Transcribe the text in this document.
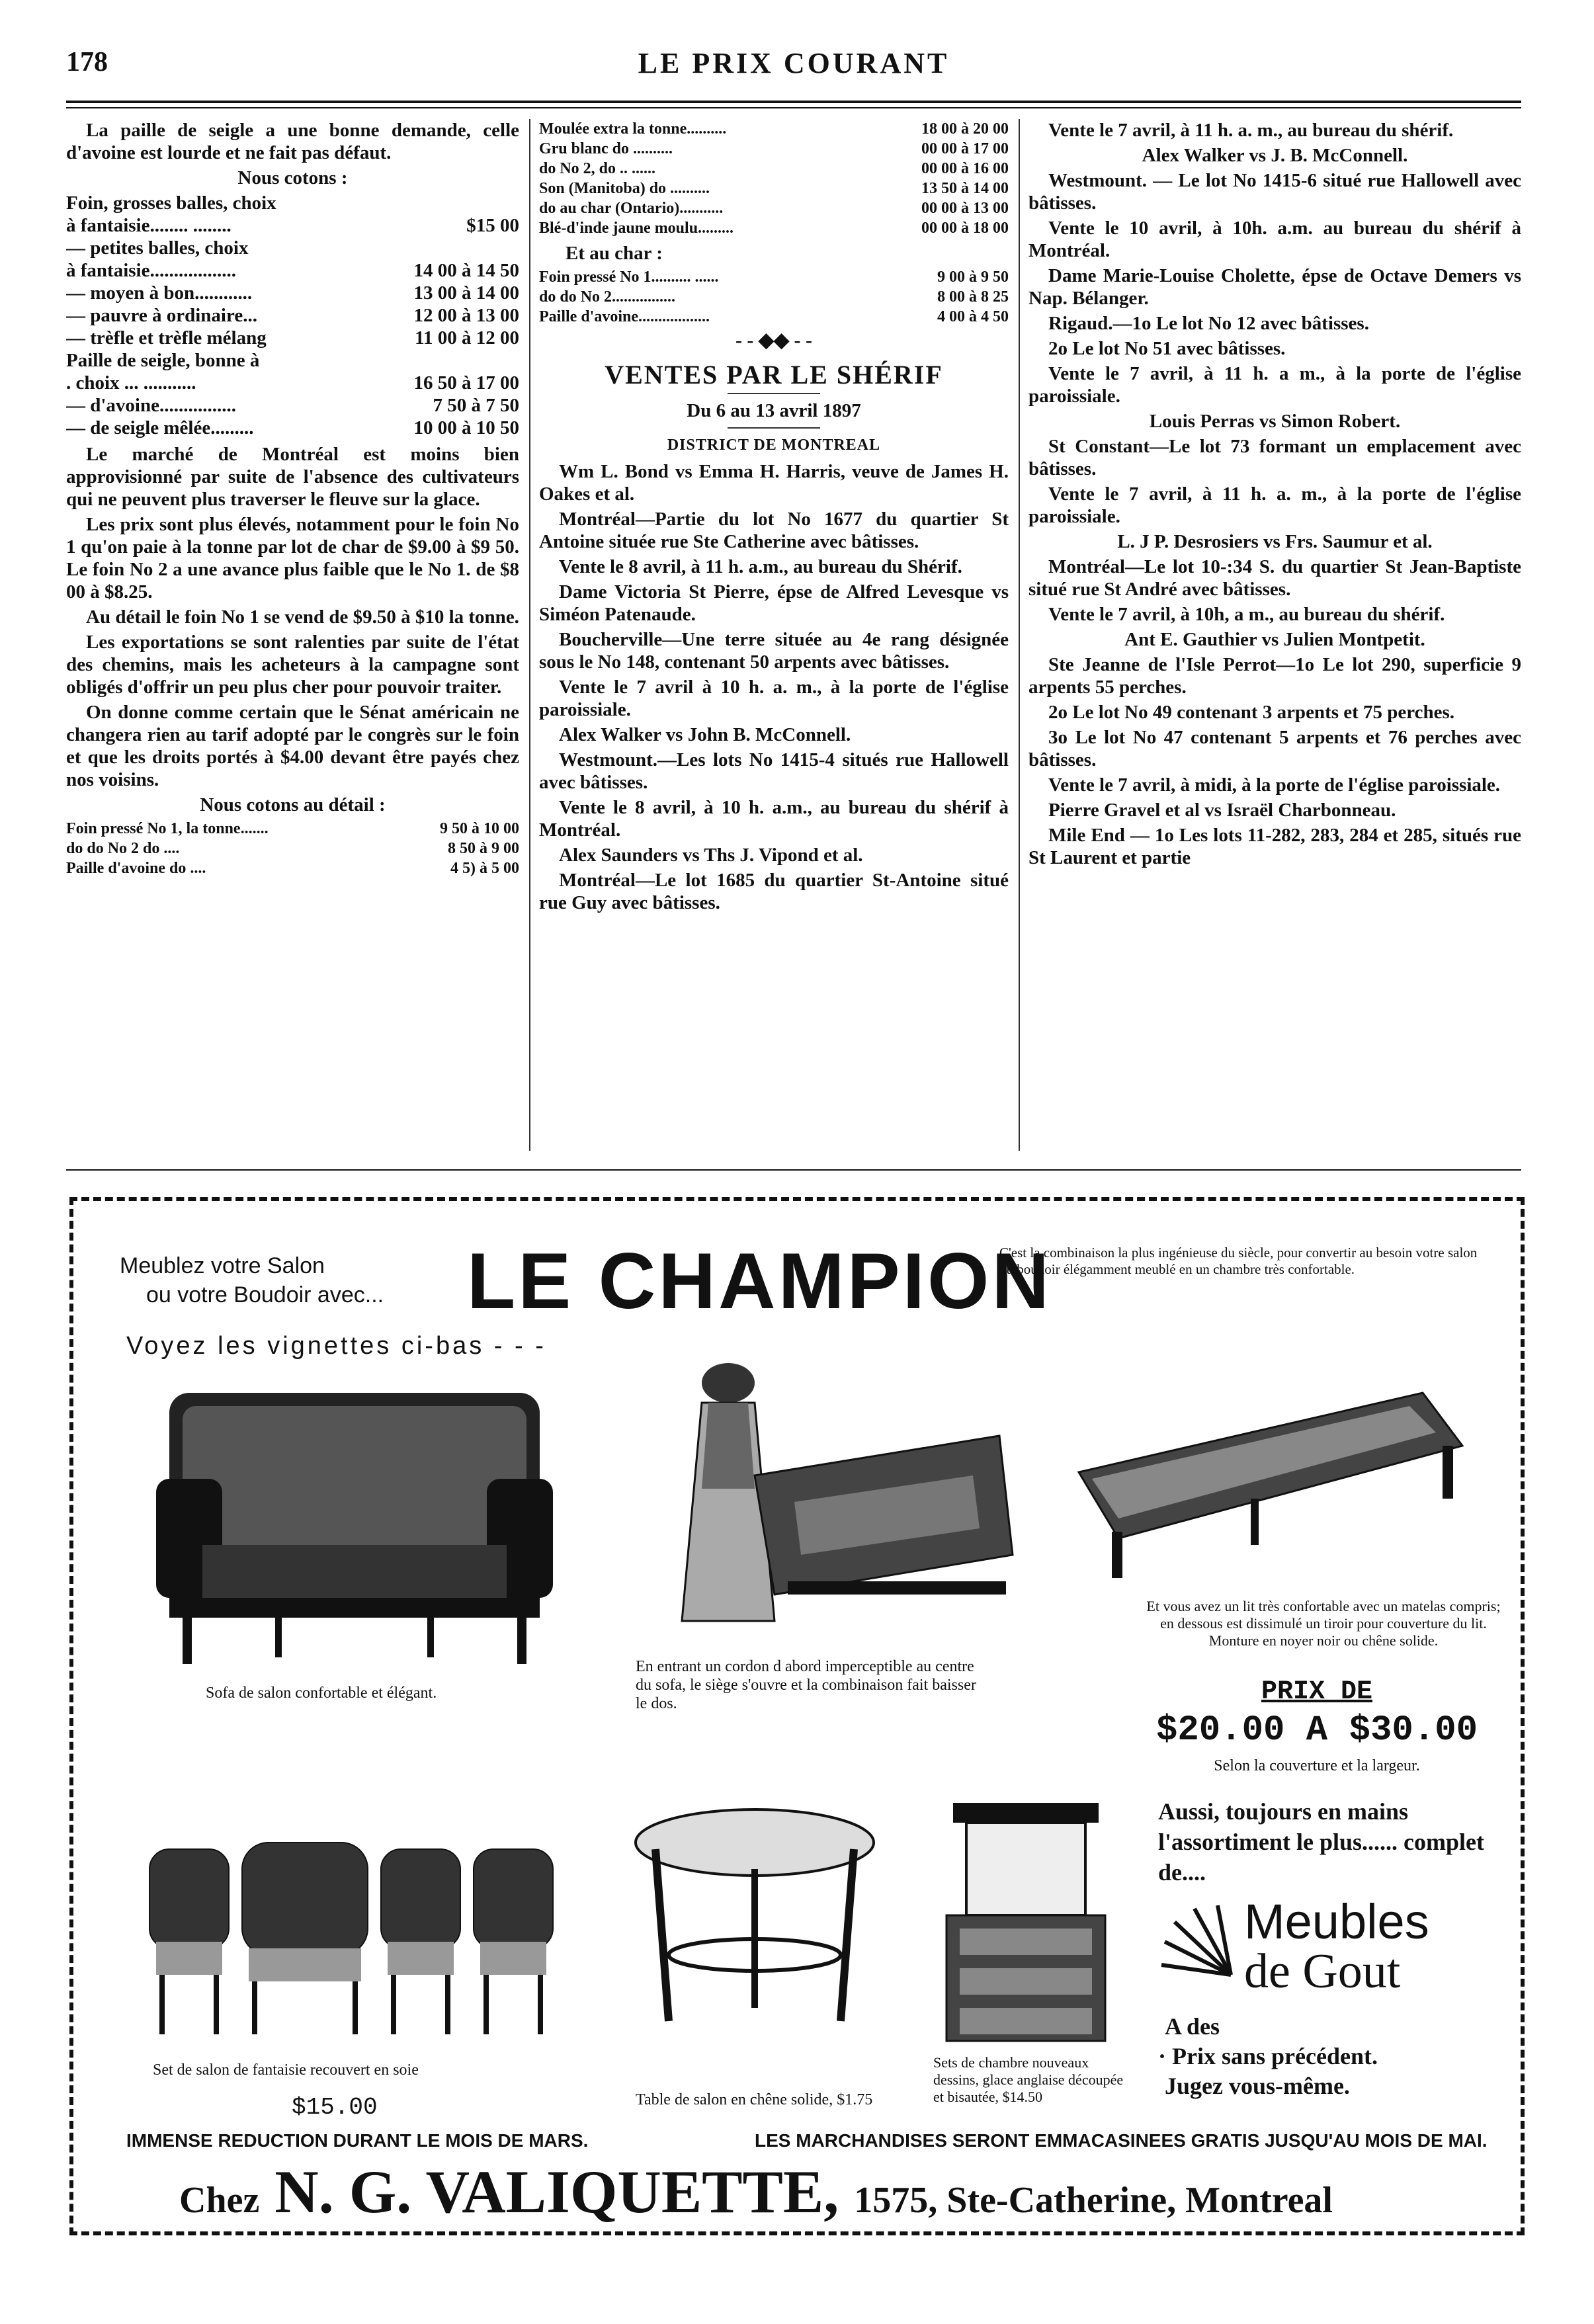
178	LE PRIX COURANT

La paille de seigle a une bonne demande, celle d'avoine est lourde et ne fait pas défaut.

Nous cotons :

Foin, grosses balles, choix
à fantaisie........ ........	$15 00
— petites balles, choix
à fantaisie..................	14 00 à 14 50
— moyen à bon............	13 00 à 14 00
— pauvre à ordinaire...	12 00 à 13 00
— trèfle et trèfle mélang	11 00 à 12 00
Paille de seigle, bonne à
. choix ... ...........	16 50 à 17 00
— d'avoine................	7 50 à 7 50
— de seigle mêlée.........	10 00 à 10 50

Le marché de Montréal est moins bien approvisionné par suite de l'absence des cultivateurs qui ne peuvent plus traverser le fleuve sur la glace.

Les prix sont plus élevés, notamment pour le foin No 1 qu'on paie à la tonne par lot de char de $9.00 à $9 50. Le foin No 2 a une avance plus faible que le No 1. de $8 00 à $8.25.

Au détail le foin No 1 se vend de $9.50 à $10 la tonne.

Les exportations se sont ralenties par suite de l'état des chemins, mais les acheteurs à la campagne sont obligés d'offrir un peu plus cher pour pouvoir traiter.

On donne comme certain que le Sénat américain ne changera rien au tarif adopté par le congrès sur le foin et que les droits portés à $4.00 devant être payés chez nos voisins.

Nous cotons au détail :

Foin pressé No 1, la tonne.......	9 50 à 10 00
do do No 2 do ....	8 50 à 9 00
Paille d'avoine do ....	4 5) à 5 00
Moulée extra la tonne..........	18 00 à 20 00
Gru blanc do ..........	00 00 à 17 00
do No 2, do .. ......	00 00 à 16 00
Son (Manitoba) do ..........	13 50 à 14 00
do au char (Ontario)...........	00 00 à 13 00
Blé-d'inde jaune moulu.........	00 00 à 18 00

Et au char :

Foin pressé No 1.......... ......	9 00 à 9 50
do do No 2................	8 00 à 8 25
Paille d'avoine..................	4 00 à 4 50
- - ◆◆ - -
VENTES PAR LE SHÉRIF

Du 6 au 13 avril 1897

DISTRICT DE MONTREAL

Wm L. Bond vs Emma H. Harris, veuve de James H. Oakes et al.

Montréal—Partie du lot No 1677 du quartier St Antoine située rue Ste Catherine avec bâtisses.

Vente le 8 avril, à 11 h. a.m., au bureau du Shérif.

Dame Victoria St Pierre, épse de Alfred Levesque vs Siméon Patenaude.

Boucherville—Une terre située au 4e rang désignée sous le No 148, contenant 50 arpents avec bâtisses.

Vente le 7 avril à 10 h. a. m., à la porte de l'église paroissiale.

Alex Walker vs John B. McConnell.

Westmount.—Les lots No 1415-4 situés rue Hallowell avec bâtisses.

Vente le 8 avril, à 10 h. a.m., au bureau du shérif à Montréal.

Alex Saunders vs Ths J. Vipond et al.

Montréal—Le lot 1685 du quartier St-Antoine situé rue Guy avec bâtisses.

Vente le 7 avril, à 11 h. a. m., au bureau du shérif.

Alex Walker vs J. B. McConnell.

Westmount. — Le lot No 1415-6 situé rue Hallowell avec bâtisses.

Vente le 10 avril, à 10h. a.m. au bureau du shérif à Montréal.

Dame Marie-Louise Cholette, épse de Octave Demers vs Nap. Bélanger.

Rigaud.—1o Le lot No 12 avec bâtisses.

2o Le lot No 51 avec bâtisses.

Vente le 7 avril, à 11 h. a m., à la porte de l'église paroissiale.

Louis Perras vs Simon Robert.

St Constant—Le lot 73 formant un emplacement avec bâtisses.

Vente le 7 avril, à 11 h. a. m., à la porte de l'église paroissiale.

L. J P. Desrosiers vs Frs. Saumur et al.

Montréal—Le lot 10-:34 S. du quartier St Jean-Baptiste situé rue St André avec bâtisses.

Vente le 7 avril, à 10h, a m., au bureau du shérif.

Ant E. Gauthier vs Julien Montpetit.

Ste Jeanne de l'Isle Perrot—1o Le lot 290, superficie 9 arpents 55 perches.

2o Le lot No 49 contenant 3 arpents et 75 perches.

3o Le lot No 47 contenant 5 arpents et 76 perches avec bâtisses.

Vente le 7 avril, à midi, à la porte de l'église paroissiale.

Pierre Gravel et al vs Israël Charbonneau.

Mile End — 1o Les lots 11-282, 283, 284 et 285, situés rue St Laurent et partie

Meublez votre Salon
ou votre Boudoir avec... LE CHAMPION
C'est la combinaison la plus ingénieuse du siècle, pour convertir au besoin votre salon ou boudoir élégamment meublé en un chambre très confortable.
Voyez les vignettes ci-bas - - -
Sofa de salon confortable et élégant.
En entrant un cordon d abord imperceptible au centre du sofa, le siège s'ouvre et la combinaison fait baisser le dos.
Et vous avez un lit très confortable avec un matelas compris; en dessous est dissimulé un tiroir pour couverture du lit. Monture en noyer noir ou chêne solide.
PRIX DE
$20.00 A $30.00
Selon la couverture et la largeur.
Set de salon de fantaisie recouvert en soie
$15.00	Table de salon en chêne solide, $1.75
Sets de chambre nouveaux dessins, glace anglaise découpée et bisautée, $14.50
Aussi, toujours en mains l'assortiment le plus...... complet de....
Meubles
de Gout
A des
· Prix sans précédent.
Jugez vous-même.
IMMENSE REDUCTION DURANT LE MOIS DE MARS.	LES MARCHANDISES SERONT EMMACASINEES GRATIS JUSQU'AU MOIS DE MAI.
Chez N. G. VALIQUETTE, 1575, Ste-Catherine, Montreal
